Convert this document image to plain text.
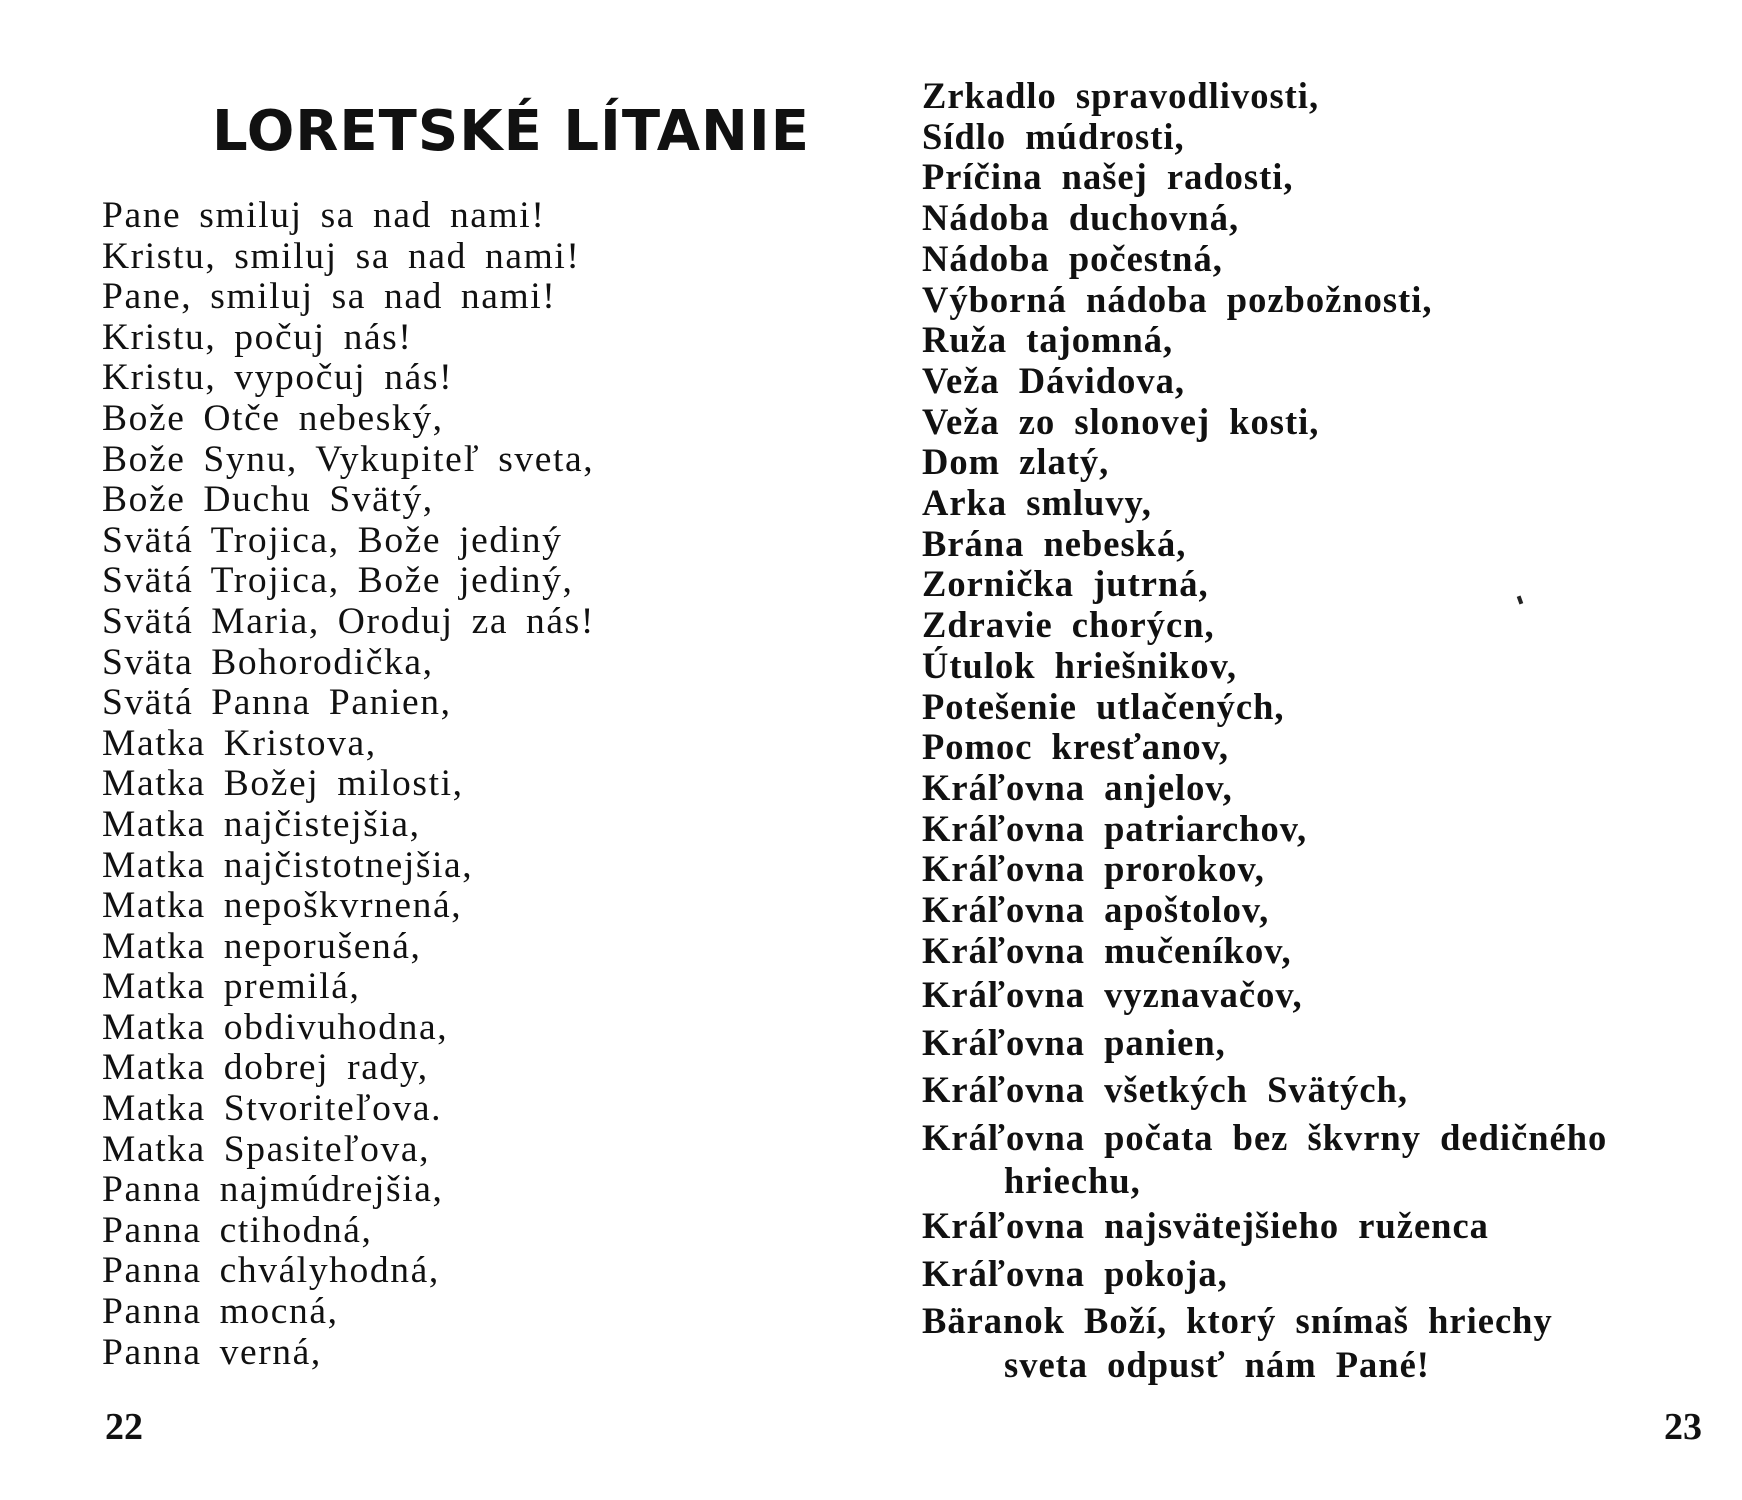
LORETSKÉ LÍTANIE
Pane smiluj sa nad nami!
Kristu, smiluj sa nad nami!
Pane, smiluj sa nad nami!
Kristu, počuj nás!
Kristu, vypočuj nás!
Bože Otče nebeský,
Bože Synu, Vykupiteľ sveta,
Bože Duchu Svätý,
Svätá Trojica, Bože jediný
Svätá Trojica, Bože jediný,
Svätá Maria, Oroduj za nás!
Sväta Bohorodička,
Svätá Panna Panien,
Matka Kristova,
Matka Božej milosti,
Matka najčistejšia,
Matka najčistotnejšia,
Matka nepoškvrnená,
Matka neporušená,
Matka premilá,
Matka obdivuhodna,
Matka dobrej rady,
Matka Stvoriteľova.
Matka Spasiteľova,
Panna najmúdrejšia,
Panna ctihodná,
Panna chvályhodná,
Panna mocná,
Panna verná,
22
Zrkadlo spravodlivosti,
Sídlo múdrosti,
Príčina našej radosti,
Nádoba duchovná,
Nádoba počestná,
Výborná nádoba pozbožnosti,
Ruža tajomná,
Veža Dávidova,
Veža zo slonovej kosti,
Dom zlatý,
Arka smluvy,
Brána nebeská,
Zornička jutrná,
Zdravie chorýcn,
Útulok hriešnikov,
Potešenie utlačených,
Pomoc kresťanov,
Kráľovna anjelov,
Kráľovna patriarchov,
Kráľovna prorokov,
Kráľovna apoštolov,
Kráľovna mučeníkov,
Kráľovna vyznavačov,
Kráľovna panien,
Kráľovna všetkých Svätých,
Kráľovna počata bez škvrny dedičného
hriechu,
Kráľovna najsvätejšieho ruženca
Kráľovna pokoja,
Bäranok Boží, ktorý snímaš hriechy
sveta odpusť nám Pané!
23
